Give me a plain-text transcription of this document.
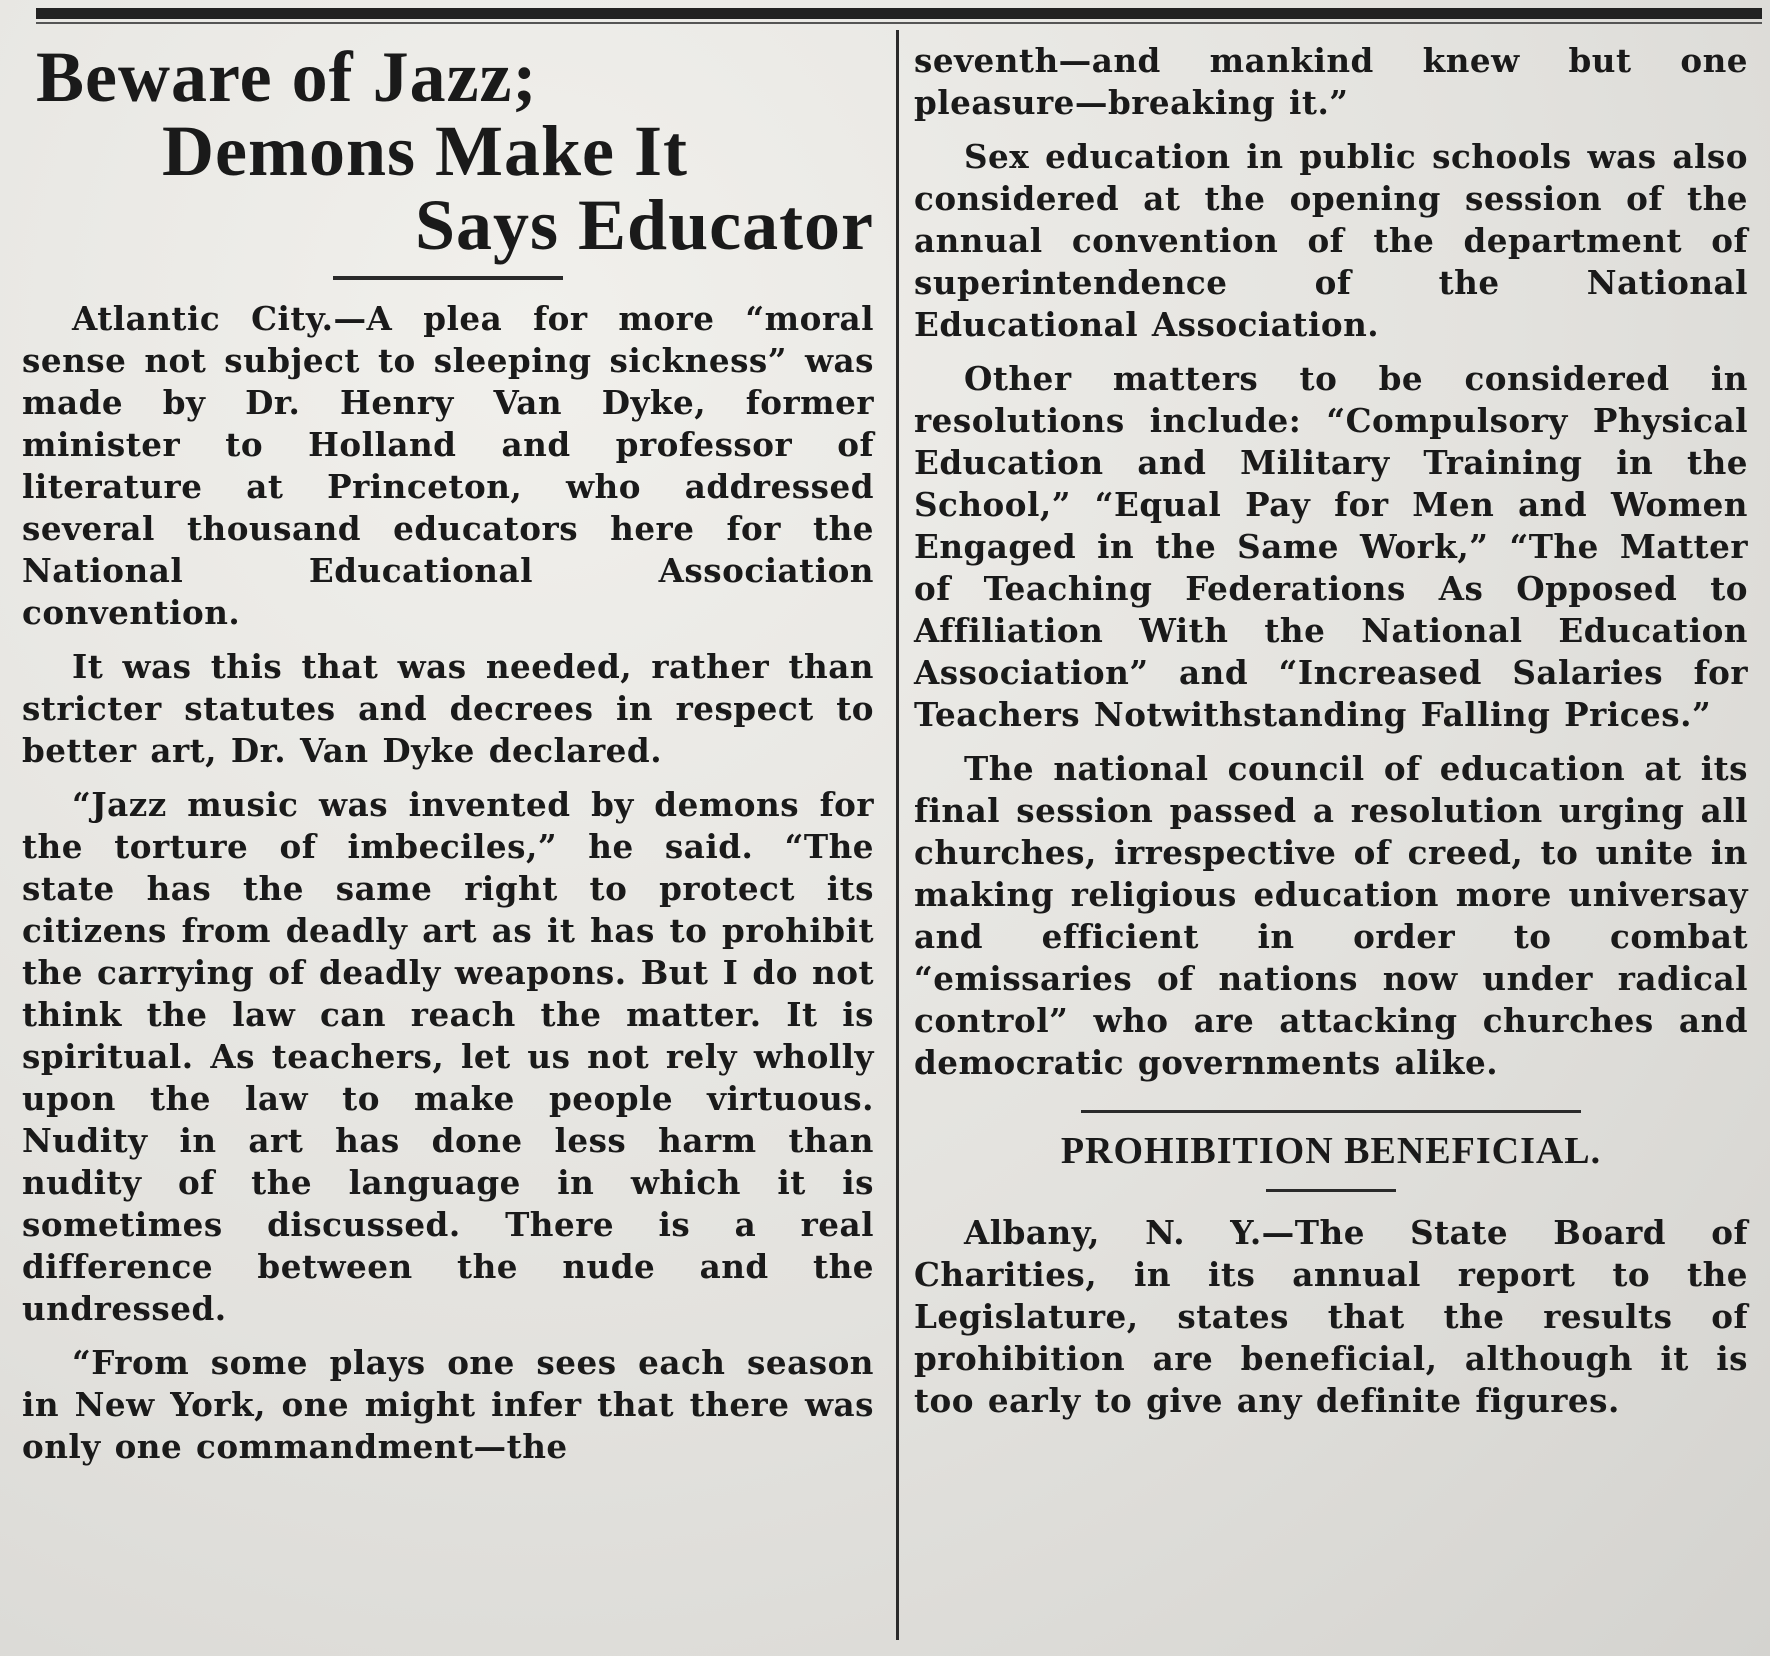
Beware of Jazz;
Demons Make It
Says Educator

Atlantic City.—A plea for more “moral sense not subject to sleeping sickness” was made by Dr. Henry Van Dyke, former minister to Holland and professor of literature at Princeton, who addressed several thousand educators here for the National Educational Association convention.

It was this that was needed, rather than stricter statutes and decrees in respect to better art, Dr. Van Dyke declared.

“Jazz music was invented by demons for the torture of imbeciles,” he said. “The state has the same right to protect its citizens from deadly art as it has to prohibit the carrying of deadly weapons. But I do not think the law can reach the matter. It is spiritual. As teachers, let us not rely wholly upon the law to make people virtuous. Nudity in art has done less harm than nudity of the language in which it is sometimes discussed. There is a real difference between the nude and the undressed.

“From some plays one sees each season in New York, one might infer that there was only one commandment—the

seventh—and mankind knew but one pleasure—breaking it.”

Sex education in public schools was also considered at the opening session of the annual convention of the department of superintendence of the National Educational Association.

Other matters to be considered in resolutions include: “Compulsory Physical Education and Military Training in the School,” “Equal Pay for Men and Women Engaged in the Same Work,” “The Matter of Teaching Federations As Opposed to Affiliation With the National Education Association” and “Increased Salaries for Teachers Notwithstanding Falling Prices.”

The national council of education at its final session passed a resolution urging all churches, irrespective of creed, to unite in making religious education more universay and efficient in order to combat “emissaries of nations now under radical control” who are attacking churches and democratic governments alike.

PROHIBITION BENEFICIAL.

Albany, N. Y.—The State Board of Charities, in its annual report to the Legislature, states that the results of prohibition are beneficial, although it is too early to give any definite figures.
